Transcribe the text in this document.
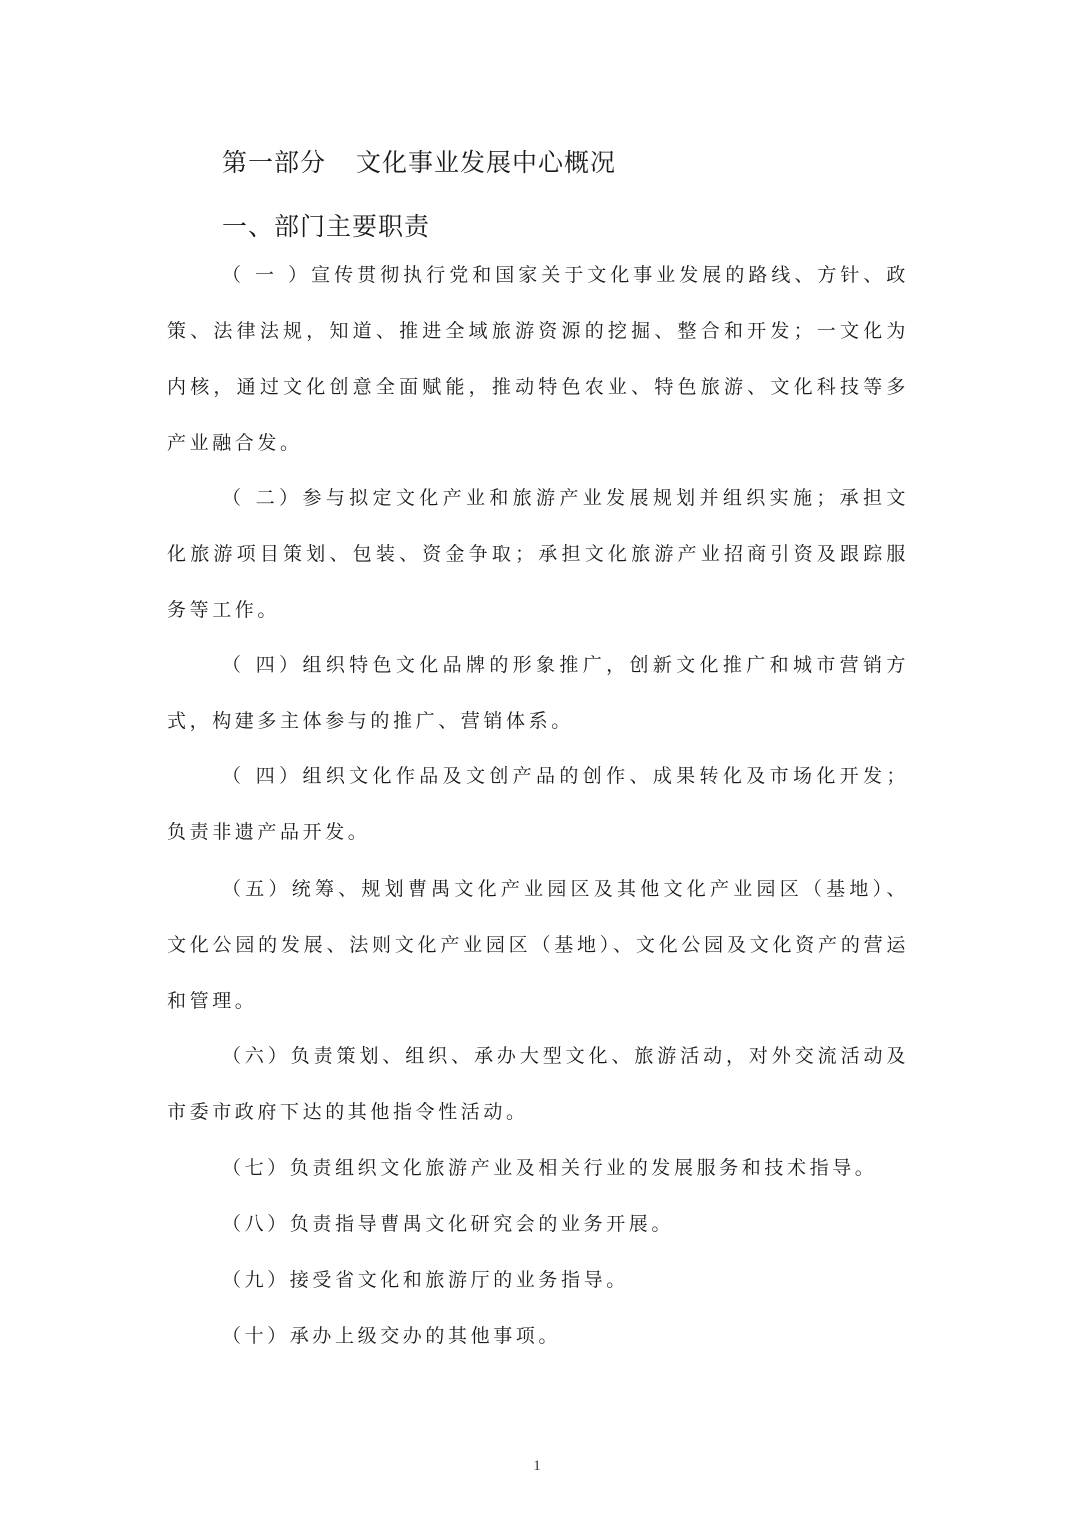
第一部分 文化事业发展中心概况
一、部门主要职责

（ 一 ）宣传贯彻执行党和国家关于文化事业发展的路线、方针、政策、法律法规，知道、推进全域旅游资源的挖掘、整合和开发；一文化为内核，通过文化创意全面赋能，推动特色农业、特色旅游、文化科技等多产业融合发。

（ 二）参与拟定文化产业和旅游产业发展规划并组织实施；承担文化旅游项目策划、包装、资金争取；承担文化旅游产业招商引资及跟踪服务等工作。

（ 四）组织特色文化品牌的形象推广，创新文化推广和城市营销方式，构建多主体参与的推广、营销体系。

（ 四）组织文化作品及文创产品的创作、成果转化及市场化开发；负责非遗产品开发。

（五）统筹、规划曹禺文化产业园区及其他文化产业园区（基地）、文化公园的发展、法则文化产业园区（基地）、文化公园及文化资产的营运和管理。

（六）负责策划、组织、承办大型文化、旅游活动，对外交流活动及市委市政府下达的其他指令性活动。

（七）负责组织文化旅游产业及相关行业的发展服务和技术指导。

（八）负责指导曹禺文化研究会的业务开展。

（九）接受省文化和旅游厅的业务指导。

（十）承办上级交办的其他事项。

1
